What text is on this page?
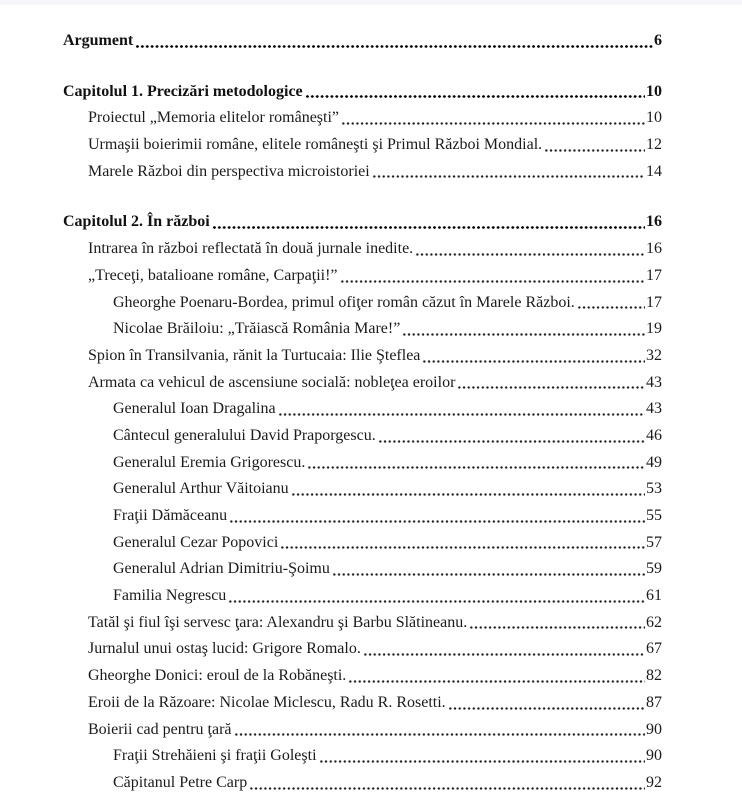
Argument	6
Capitolul 1. Precizări metodologice	10
Proiectul „Memoria elitelor româneşti”	10
Urmaşii boierimii române, elitele româneşti şi Primul Război Mondial.	12
Marele Război din perspectiva microistoriei	14
Capitolul 2. În război	16
Intrarea în război reflectată în două jurnale inedite.	16
„Treceţi, batalioane române, Carpaţii!”	17
Gheorghe Poenaru-Bordea, primul ofiţer român căzut în Marele Război.	17
Nicolae Brăiloiu: „Trăiască România Mare!”	19
Spion în Transilvania, rănit la Turtucaia: Ilie Şteflea	32
Armata ca vehicul de ascensiune socială: nobleţea eroilor	43
Generalul Ioan Dragalina	43
Cântecul generalului David Praporgescu.	46
Generalul Eremia Grigorescu.	49
Generalul Arthur Văitoianu	53
Fraţii Dămăceanu	55
Generalul Cezar Popovici	57
Generalul Adrian Dimitriu-Şoimu	59
Familia Negrescu	61
Tatăl şi fiul îşi servesc ţara: Alexandru şi Barbu Slătineanu.	62
Jurnalul unui ostaş lucid: Grigore Romalo.	67
Gheorghe Donici: eroul de la Robăneşti.	82
Eroii de la Răzoare: Nicolae Miclescu, Radu R. Rosetti.	87
Boierii cad pentru ţară	90
Fraţii Strehăieni şi fraţii Goleşti	90
Căpitanul Petre Carp	92
